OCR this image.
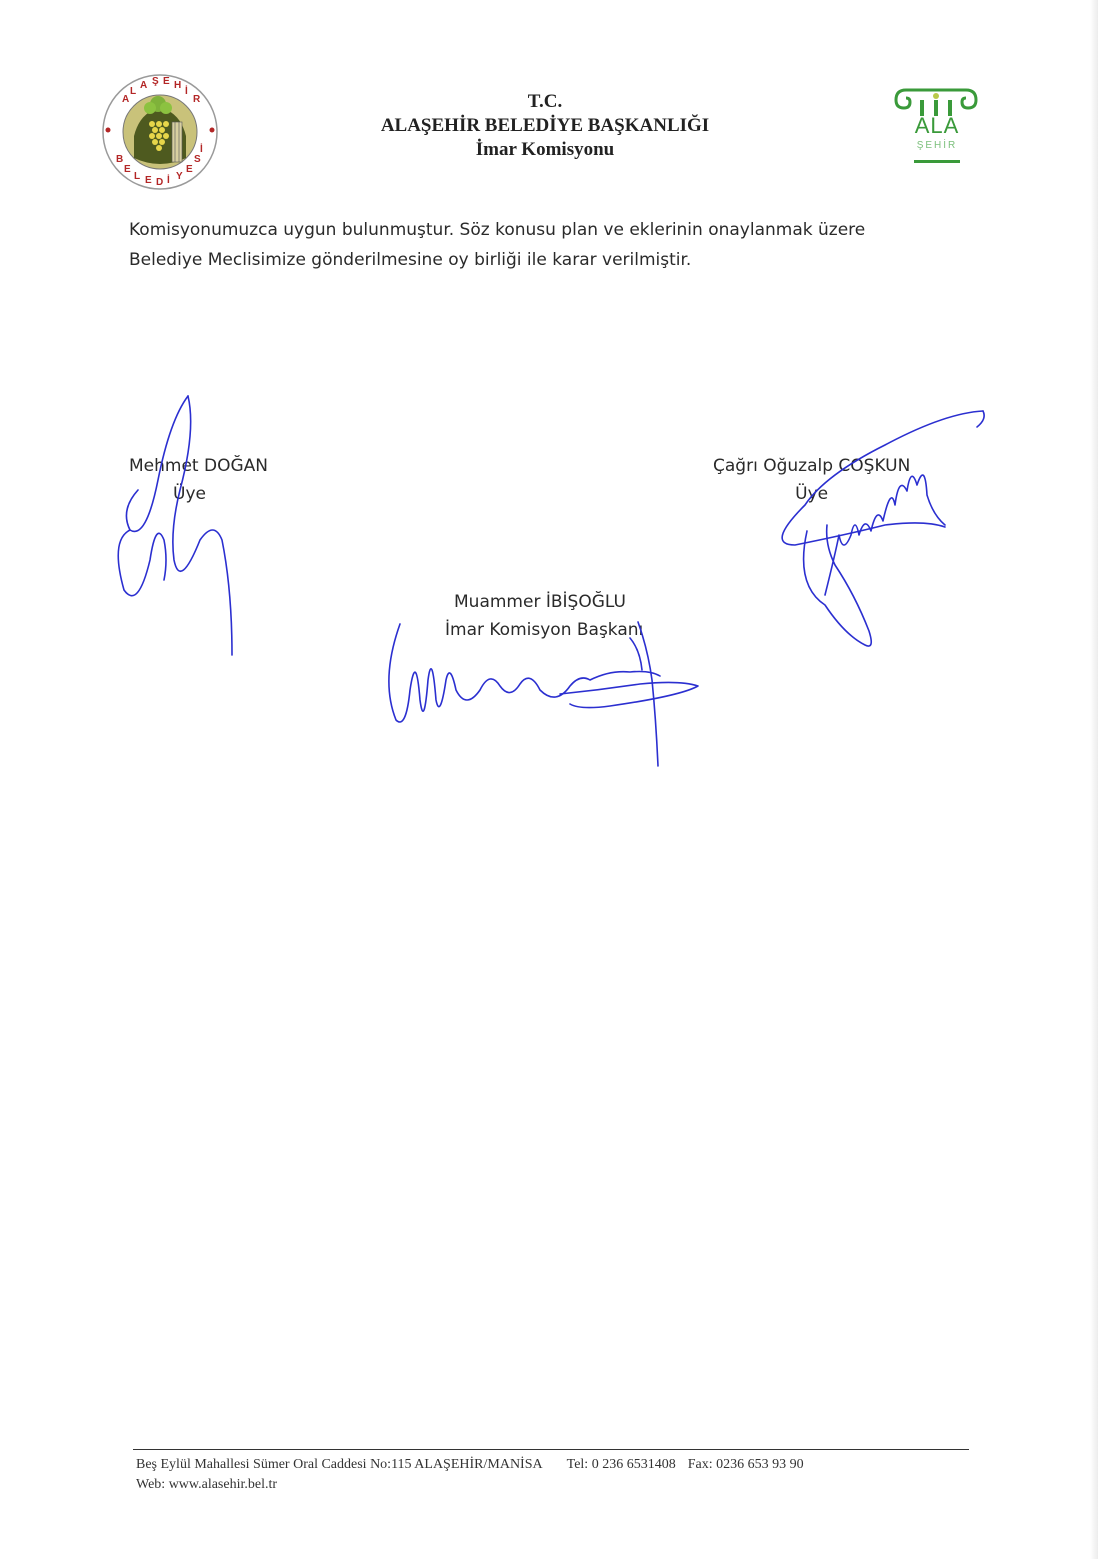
A
L
A Ş E H
İ
R
B
E
L E D İ Y
E
S
İ
T.C.
ALAŞEHİR BELEDİYE BAŞKANLIĞI
İmar Komisyonu
ALA
ŞEHİR
Komisyonumuzca uygun bulunmuştur. Söz konusu plan ve eklerinin onaylanmak üzere
Belediye Meclisimize gönderilmesine oy birliği ile karar verilmiştir.
Mehmet DOĞAN
Üye
Çağrı Oğuzalp COŞKUN
Üye
Muammer İBİŞOĞLU
İmar Komisyon Başkanı
Beş Eylül Mahallesi Sümer Oral Caddesi No:115 ALAŞEHİR/MANİSA Tel: 0 236 6531408 Fax: 0236 653 93 90
Web: www.alasehir.bel.tr
